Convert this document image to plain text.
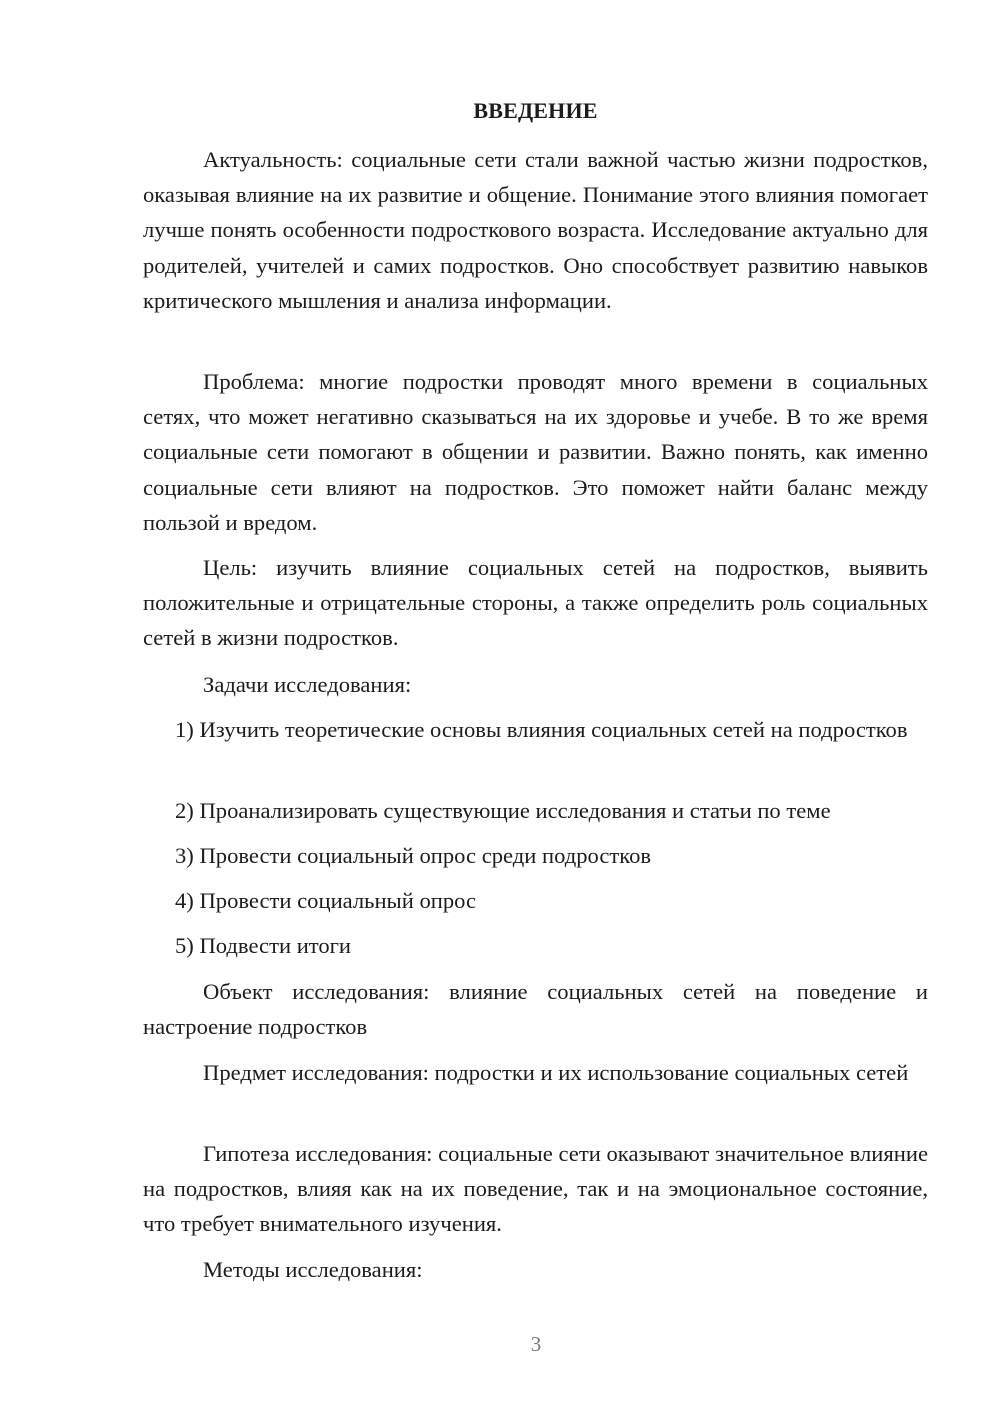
ВВЕДЕНИЕ

Актуальность: социальные сети стали важной частью жизни подростков, оказывая влияние на их развитие и общение. Понимание этого влияния помогает лучше понять особенности подросткового возраста. Исследование актуально для родителей, учителей и самих подростков. Оно способствует развитию навыков критического мышления и анализа информации.

Проблема: многие подростки проводят много времени в социальных сетях, что может негативно сказываться на их здоровье и учебе. В то же время социальные сети помогают в общении и развитии. Важно понять, как именно социальные сети влияют на подростков. Это поможет найти баланс между пользой и вредом.

Цель: изучить влияние социальных сетей на подростков, выявить положительные и отрицательные стороны, а также определить роль социальных сетей в жизни подростков.

Задачи исследования:

1) Изучить теоретические основы влияния социальных сетей на подростков

2) Проанализировать существующие исследования и статьи по теме

3) Провести социальный опрос среди подростков

4) Провести социальный опрос

5) Подвести итоги

Объект исследования: влияние социальных сетей на поведение и настроение подростков

Предмет исследования: подростки и их использование социальных сетей

Гипотеза исследования: социальные сети оказывают значительное влияние на подростков, влияя как на их поведение, так и на эмоциональное состояние, что требует внимательного изучения.

Методы исследования:

3
